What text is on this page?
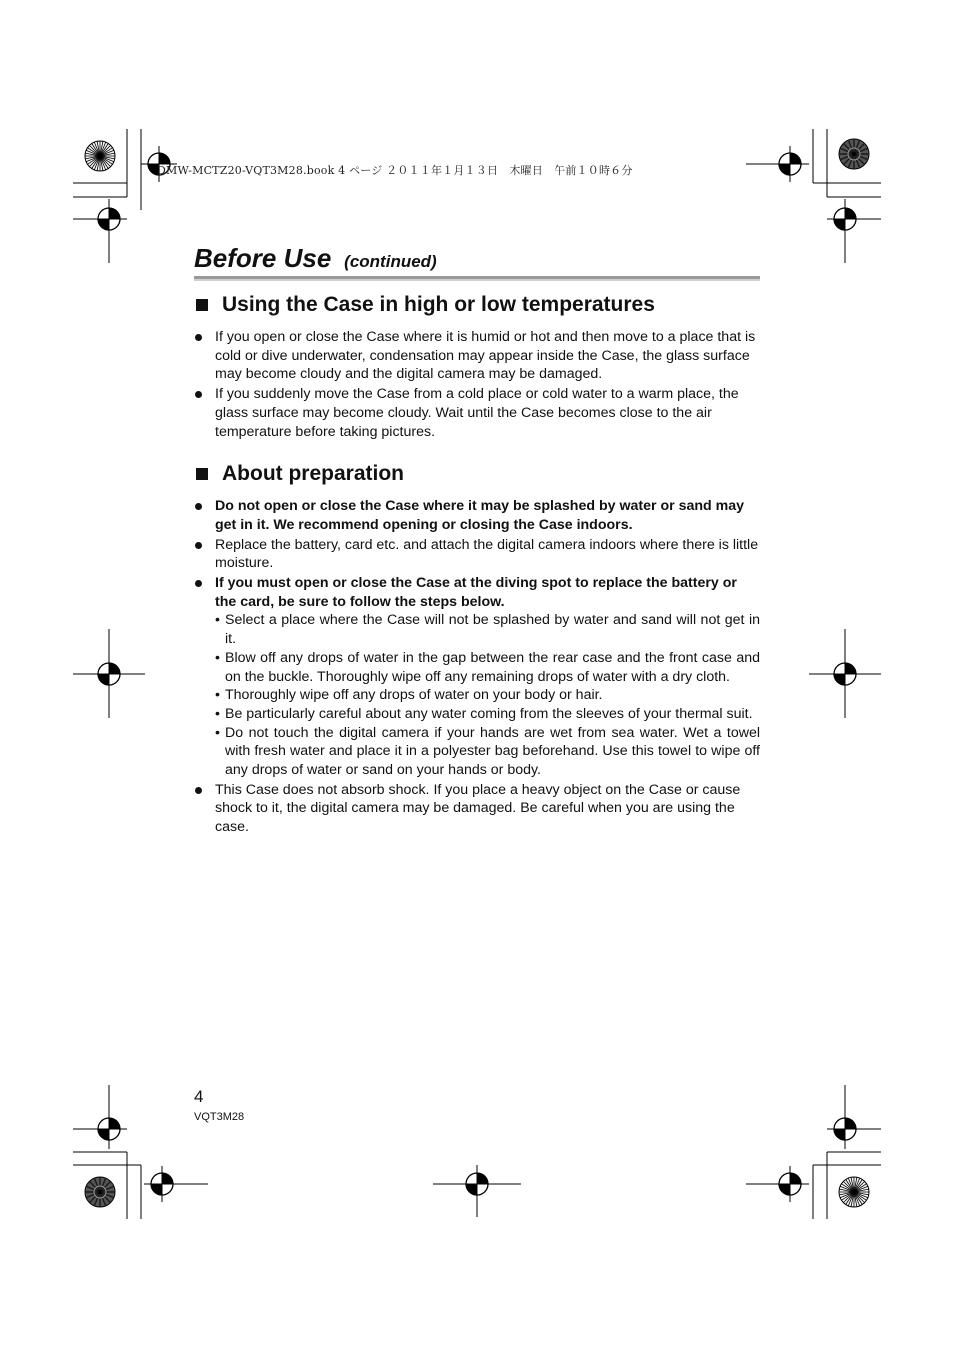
DMW-MCTZ20-VQT3M28.book 4 ページ ２０１１年１月１３日　木曜日　午前１０時６分
Before Use (continued)
Using the Case in high or low temperatures
If you open or close the Case where it is humid or hot and then move to a place that is cold or dive underwater, condensation may appear inside the Case, the glass surface may become cloudy and the digital camera may be damaged.
If you suddenly move the Case from a cold place or cold water to a warm place, the glass surface may become cloudy. Wait until the Case becomes close to the air temperature before taking pictures.
About preparation
Do not open or close the Case where it may be splashed by water or sand may get in it. We recommend opening or closing the Case indoors.
Replace the battery, card etc. and attach the digital camera indoors where there is little moisture.
If you must open or close the Case at the diving spot to replace the battery or the card, be sure to follow the steps below.
• Select a place where the Case will not be splashed by water and sand will not get in it.
• Blow off any drops of water in the gap between the rear case and the front case and on the buckle. Thoroughly wipe off any remaining drops of water with a dry cloth.
• Thoroughly wipe off any drops of water on your body or hair.
• Be particularly careful about any water coming from the sleeves of your thermal suit.
• Do not touch the digital camera if your hands are wet from sea water. Wet a towel with fresh water and place it in a polyester bag beforehand. Use this towel to wipe off any drops of water or sand on your hands or body.
This Case does not absorb shock. If you place a heavy object on the Case or cause shock to it, the digital camera may be damaged. Be careful when you are using the case.
4
VQT3M28
